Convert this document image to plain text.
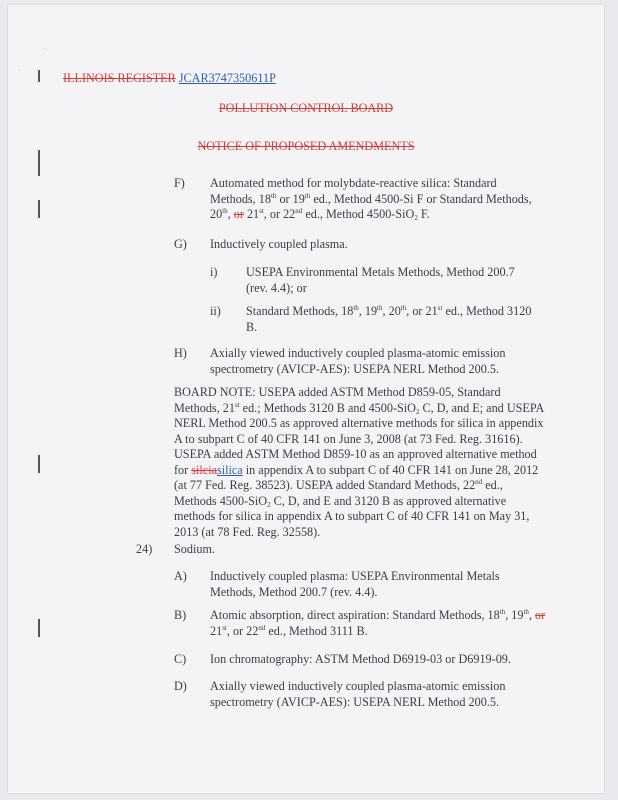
·
·	ILLINOIS REGISTER JCAR3747350611P
POLLUTION CONTROL BOARD
NOTICE OF PROPOSED AMENDMENTS
F) Automated method for molybdate-reactive silica: Standard Methods, 18th or 19th ed., Method 4500-Si F or Standard Methods, 20th, or 21st, or 22nd ed., Method 4500-SiO$_2$ F.
G) Inductively coupled plasma.
i) USEPA Environmental Metals Methods, Method 200.7 (rev. 4.4); or
ii) Standard Methods, 18th, 19th, 20th, or 21st ed., Method 3120 B.
H) Axially viewed inductively coupled plasma-atomic emission spectrometry (AVICP-AES): USEPA NERL Method 200.5.
BOARD NOTE: USEPA added ASTM Method D859-05, Standard Methods, 21st ed.; Methods 3120 B and 4500-SiO$_2$ C, D, and E; and USEPA NERL Method 200.5 as approved alternative methods for silica in appendix A to subpart C of 40 CFR 141 on June 3, 2008 (at 73 Fed. Reg. 31616). USEPA added ASTM Method D859-10 as an approved alternative method for silciasilica in appendix A to subpart C of 40 CFR 141 on June 28, 2012 (at 77 Fed. Reg. 38523). USEPA added Standard Methods, 22nd ed., Methods 4500-SiO$_2$ C, D, and E and 3120 B as approved alternative methods for silica in appendix A to subpart C of 40 CFR 141 on May 31, 2013 (at 78 Fed. Reg. 32558).
24) Sodium.
A) Inductively coupled plasma: USEPA Environmental Metals Methods, Method 200.7 (rev. 4.4).
B) Atomic absorption, direct aspiration: Standard Methods, 18th, 19th, or 21st, or 22nd ed., Method 3111 B.
C) Ion chromatography: ASTM Method D6919-03 or D6919-09.
D) Axially viewed inductively coupled plasma-atomic emission spectrometry (AVICP-AES): USEPA NERL Method 200.5.
